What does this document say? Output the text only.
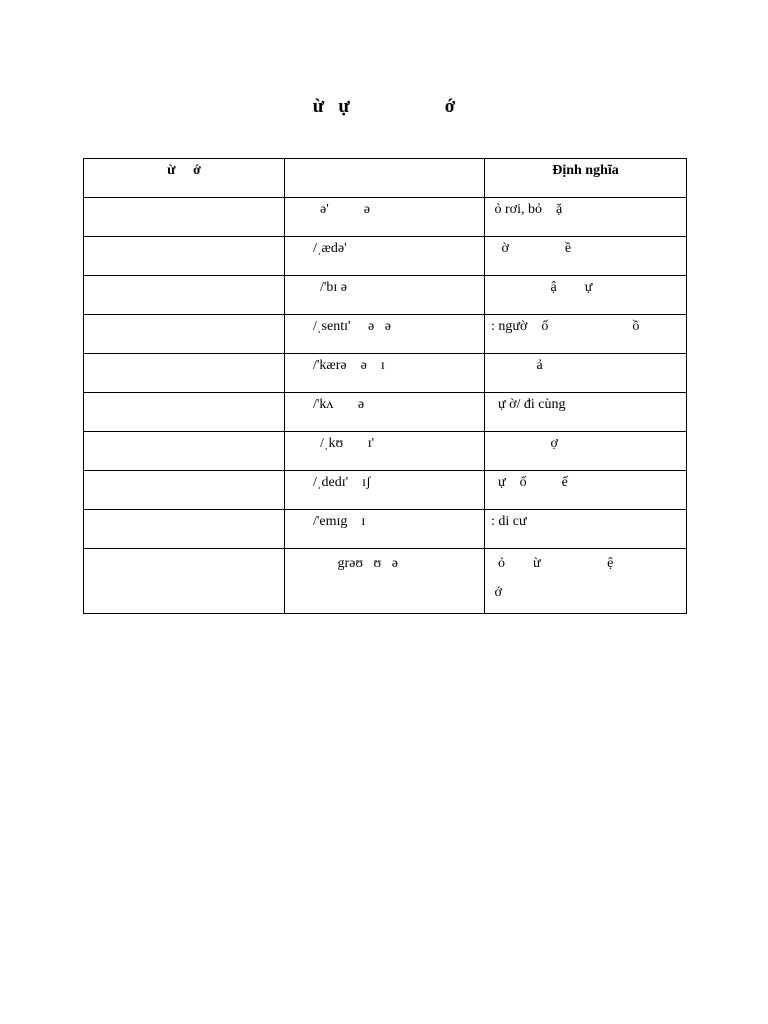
ừ   ự                    ớ
ừ     ớ		Định nghĩa
	ə'          ə	ỏ rơi, bỏ    ặ
	/ˌædə'	ờ                ề
	/'bɪ ə	ậ        ự
	/ˌsentɪ'     ə   ə	: ngườ    ố                        ồ
	/'kærə    ə    ɪ	ả
	/'kʌ       ə	ự ờ/ đi cùng
	/ˌkʊ       ɪ'	ợ
	/ˌdedɪ'    ɪʃ	ự    ố          ế
	/'emɪg    ɪ	: di cư
	grəʊ   ʊ   ə	ỏ        ừ                   ệ
ớ
